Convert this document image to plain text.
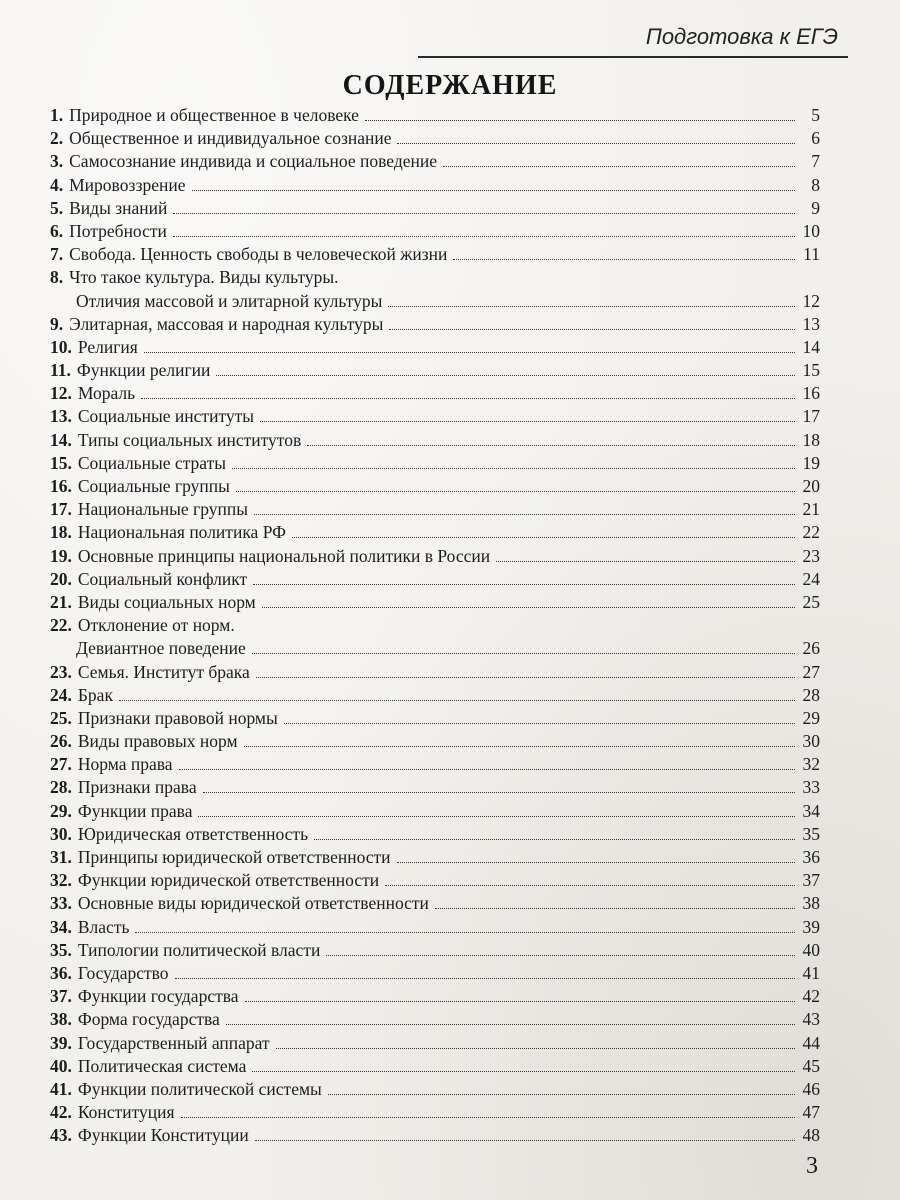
Подготовка к ЕГЭ
СОДЕРЖАНИЕ
1. Природное и общественное в человеке	5
2. Общественное и индивидуальное сознание	6
3. Самосознание индивида и социальное поведение	7
4. Мировоззрение	8
5. Виды знаний	9
6. Потребности	10
7. Свобода. Ценность свободы в человеческой жизни	11
8. Что такое культура. Виды культуры.
Отличия массовой и элитарной культуры	12
9. Элитарная, массовая и народная культуры	13
10. Религия	14
11. Функции религии	15
12. Мораль	16
13. Социальные институты	17
14. Типы социальных институтов	18
15. Социальные страты	19
16. Социальные группы	20
17. Национальные группы	21
18. Национальная политика РФ	22
19. Основные принципы национальной политики в России	23
20. Социальный конфликт	24
21. Виды социальных норм	25
22. Отклонение от норм.
Девиантное поведение	26
23. Семья. Институт брака	27
24. Брак	28
25. Признаки правовой нормы	29
26. Виды правовых норм	30
27. Норма права	32
28. Признаки права	33
29. Функции права	34
30. Юридическая ответственность	35
31. Принципы юридической ответственности	36
32. Функции юридической ответственности	37
33. Основные виды юридической ответственности	38
34. Власть	39
35. Типологии политической власти	40
36. Государство	41
37. Функции государства	42
38. Форма государства	43
39. Государственный аппарат	44
40. Политическая система	45
41. Функции политической системы	46
42. Конституция	47
43. Функции Конституции	48
3
